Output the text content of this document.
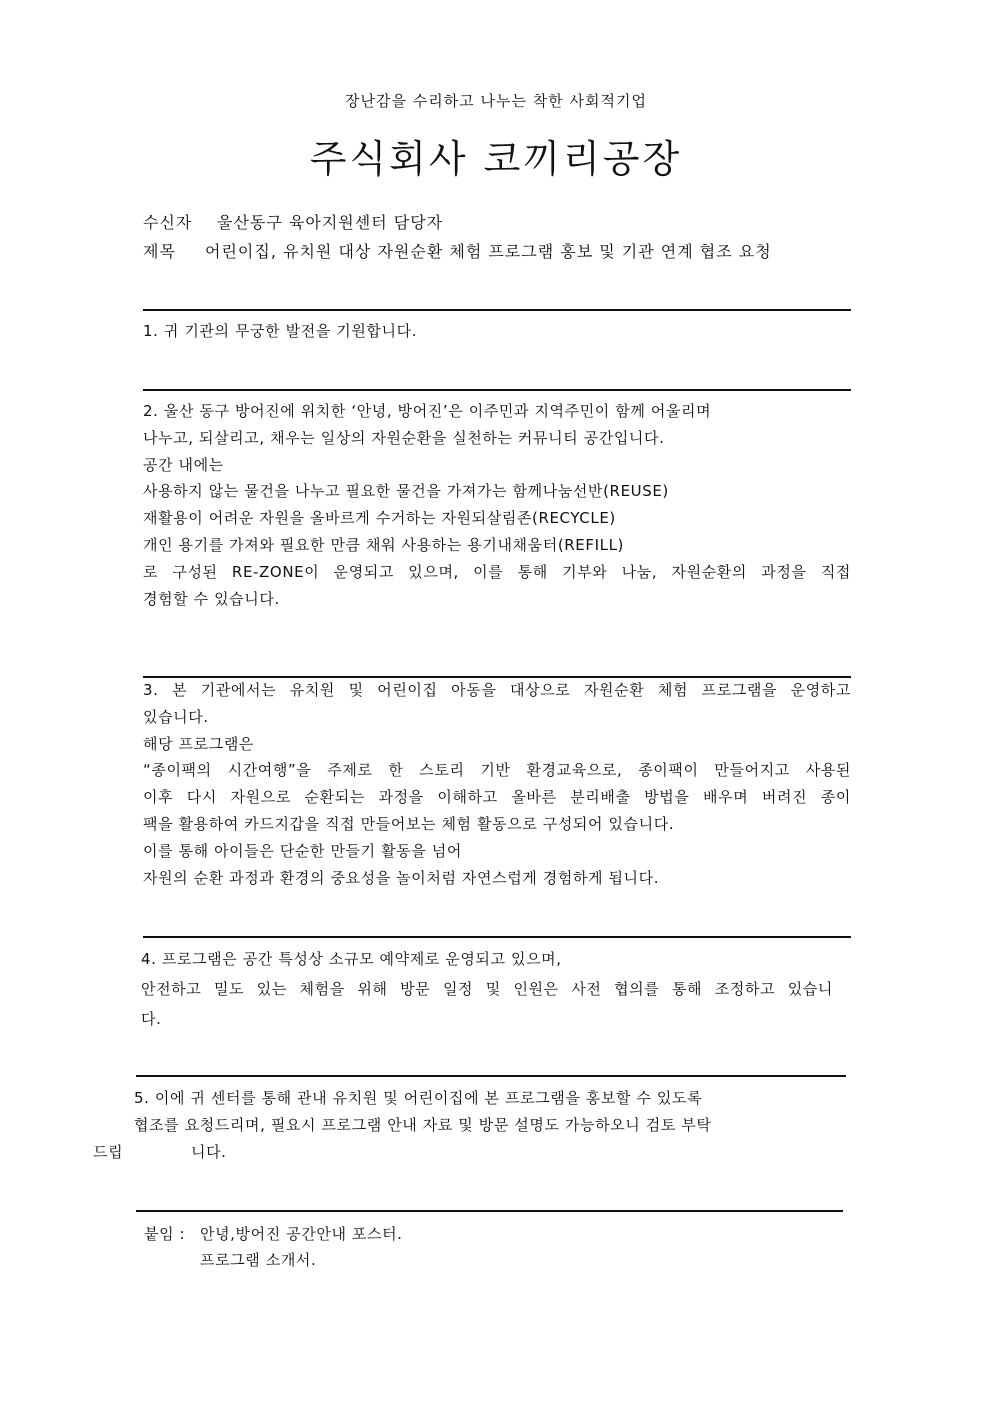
장난감을 수리하고 나누는 착한 사회적기업
주식회사 코끼리공장
수신자 울산동구 육아지원센터 담당자
제목 어린이집, 유치원 대상 자원순환 체험 프로그램 홍보 및 기관 연계 협조 요청
1. 귀 기관의 무궁한 발전을 기원합니다.
2. 울산 동구 방어진에 위치한 ‘안녕, 방어진’은 이주민과 지역주민이 함께 어울리며
나누고, 되살리고, 채우는 일상의 자원순환을 실천하는 커뮤니티 공간입니다.
공간 내에는
사용하지 않는 물건을 나누고 필요한 물건을 가져가는 함께나눔선반(REUSE)
재활용이 어려운 자원을 올바르게 수거하는 자원되살림존(RECYCLE)
개인 용기를 가져와 필요한 만큼 채워 사용하는 용기내채움터(REFILL)
로 구성된 RE-ZONE이 운영되고 있으며, 이를 통해 기부와 나눔, 자원순환의 과정을 직접
경험할 수 있습니다.
3. 본 기관에서는 유치원 및 어린이집 아동을 대상으로 자원순환 체험 프로그램을 운영하고
있습니다.
해당 프로그램은
“종이팩의 시간여행”을 주제로 한 스토리 기반 환경교육으로, 종이팩이 만들어지고 사용된
이후 다시 자원으로 순환되는 과정을 이해하고 올바른 분리배출 방법을 배우며 버려진 종이
팩을 활용하여 카드지갑을 직접 만들어보는 체험 활동으로 구성되어 있습니다.
이를 통해 아이들은 단순한 만들기 활동을 넘어
자원의 순환 과정과 환경의 중요성을 놀이처럼 자연스럽게 경험하게 됩니다.
4. 프로그램은 공간 특성상 소규모 예약제로 운영되고 있으며,
안전하고 밀도 있는 체험을 위해 방문 일정 및 인원은 사전 협의를 통해 조정하고 있습니
다.
5. 이에 귀 센터를 통해 관내 유치원 및 어린이집에 본 프로그램을 홍보할 수 있도록
협조를 요청드리며, 필요시 프로그램 안내 자료 및 방문 설명도 가능하오니 검토 부탁
드립	니다.
붙임 : 안녕,방어진 공간안내 포스터.
프로그램 소개서.
